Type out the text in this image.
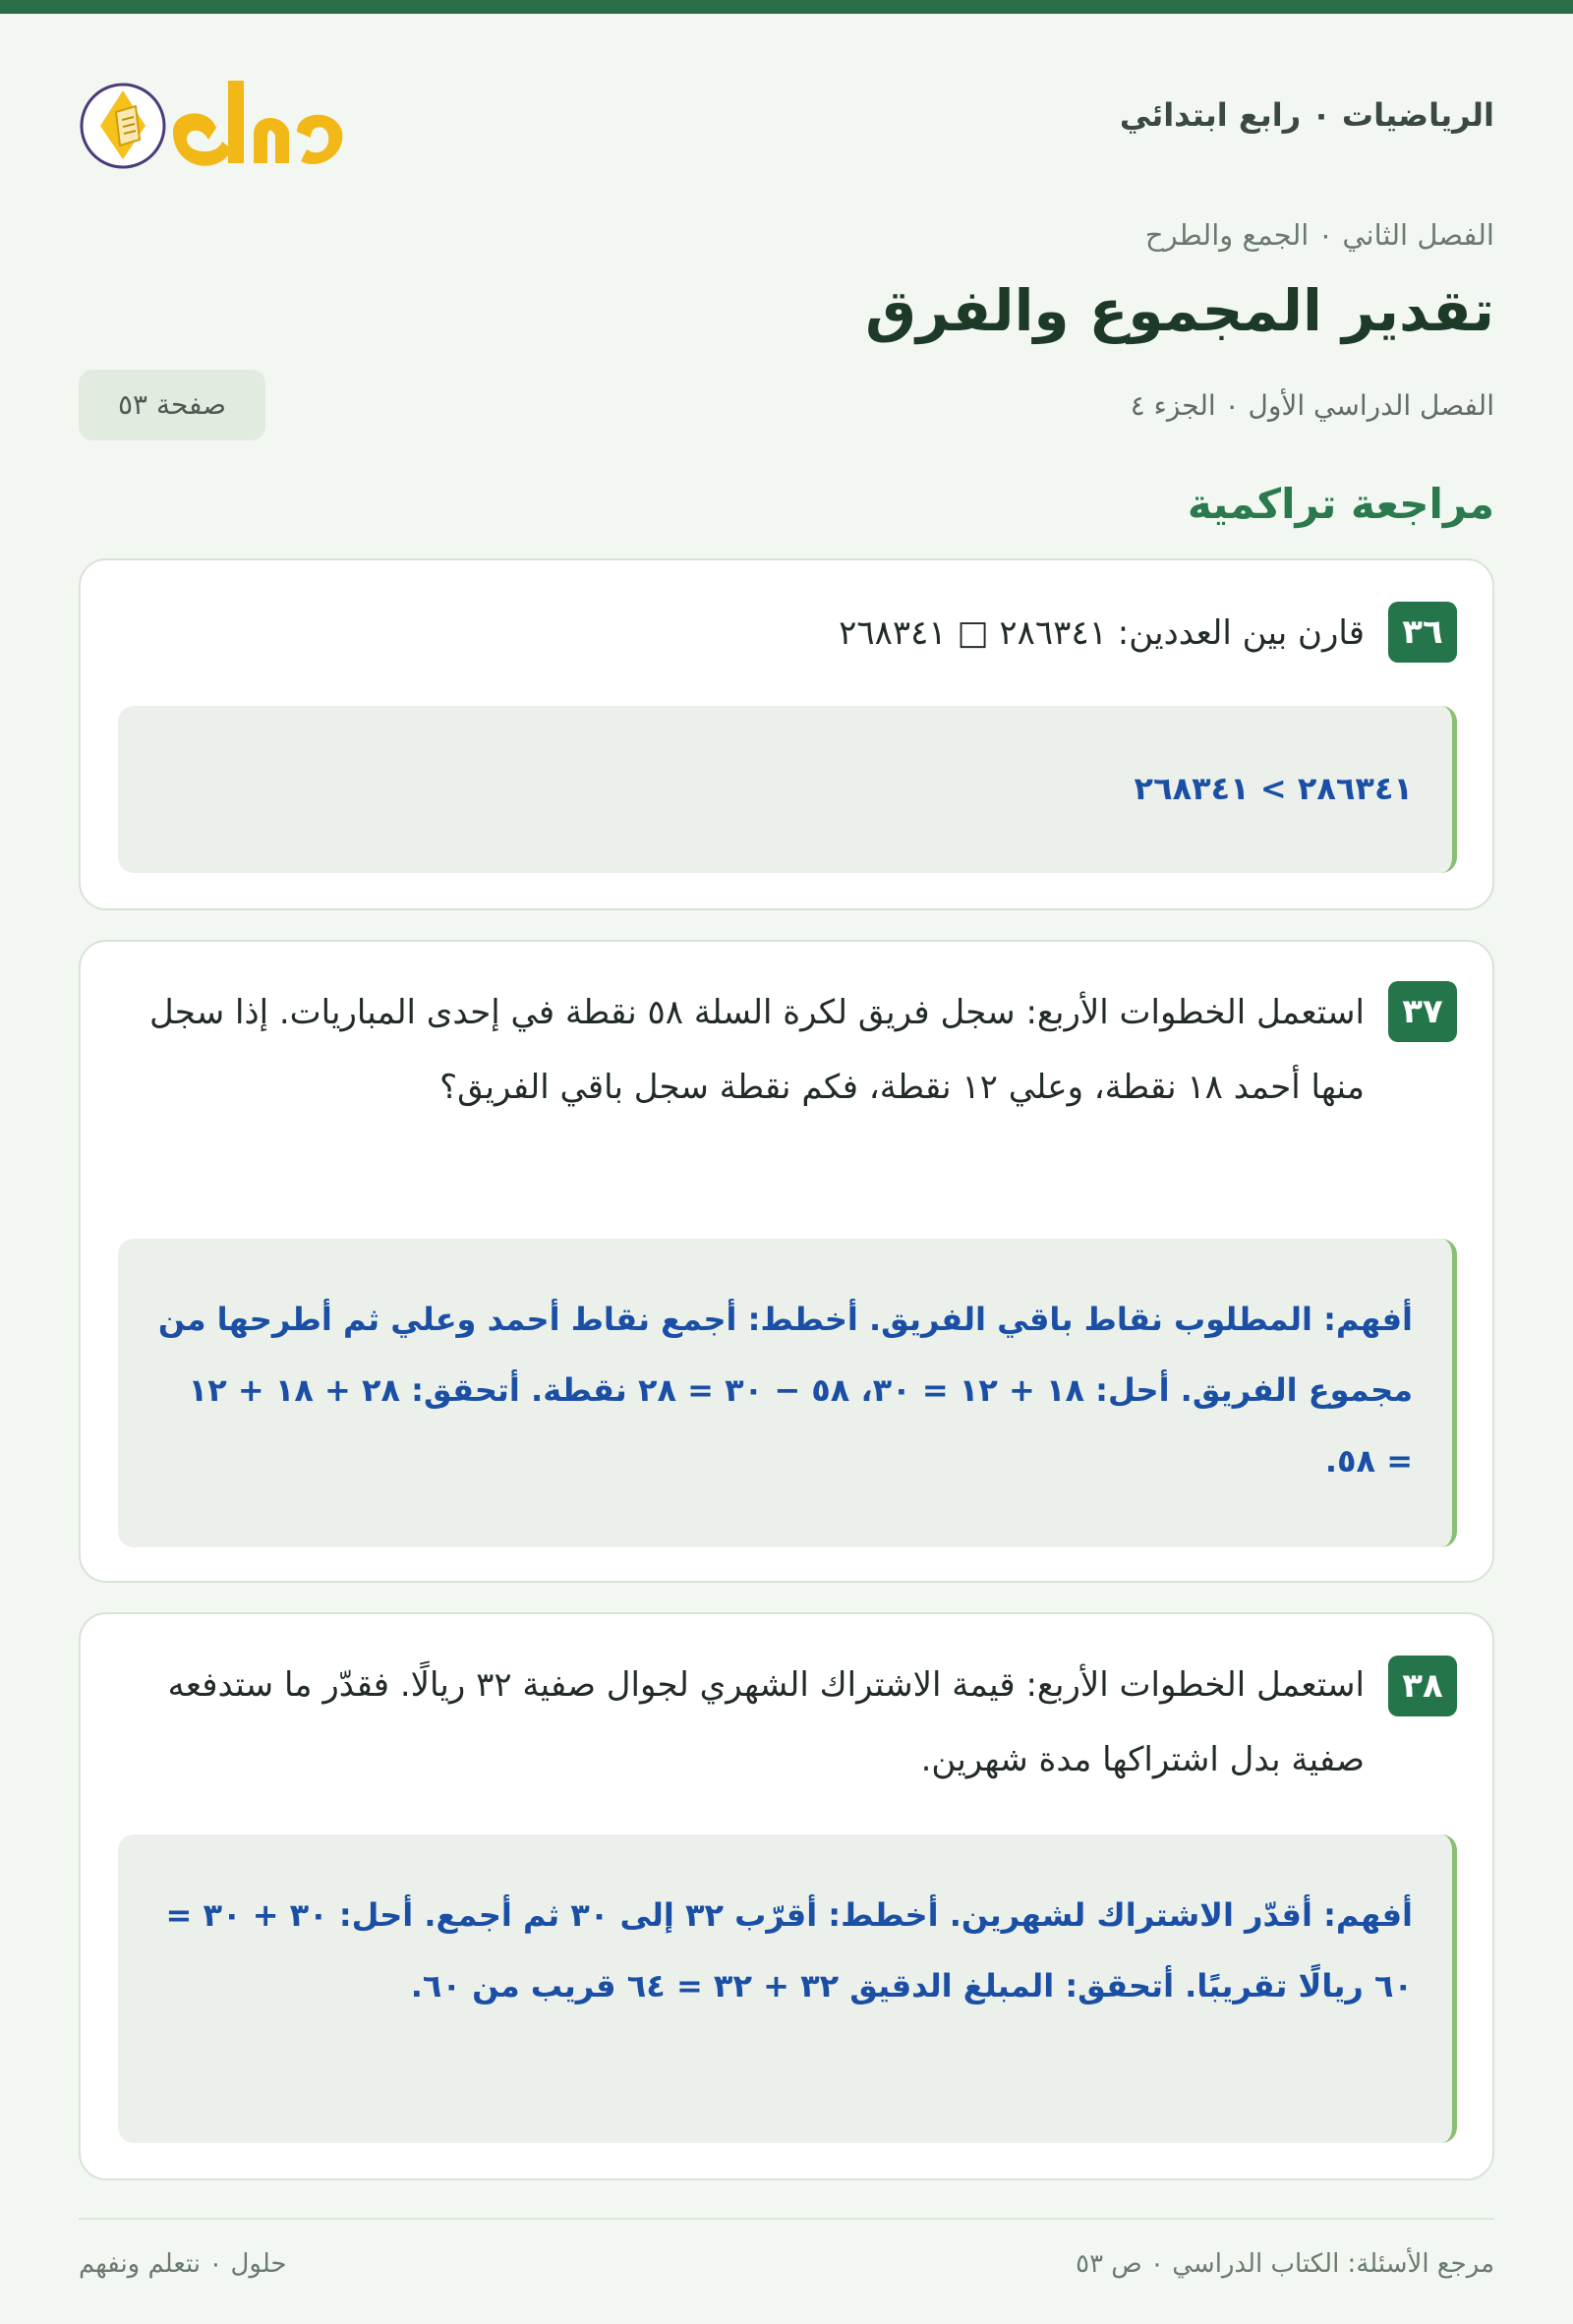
الرياضيات ٠ رابع ابتدائي
الفصل الثاني ٠ الجمع والطرح
تقدير المجموع والفرق
الفصل الدراسي الأول ٠ الجزء ٤
صفحة ٥٣
مراجعة تراكمية
٣٦
قارن بين العددين: ٢٨٦٣٤١ □ ٢٦٨٣٤١
٢٨٦٣٤١ > ٢٦٨٣٤١
٣٧
استعمل الخطوات الأربع: سجل فريق لكرة السلة ٥٨ نقطة في إحدى المباريات. إذا سجل منها أحمد ١٨ نقطة، وعلي ١٢ نقطة، فكم نقطة سجل باقي الفريق؟
أفهم: المطلوب نقاط باقي الفريق. أخطط: أجمع نقاط أحمد وعلي ثم أطرحها من مجموع الفريق. أحل: ١٨ + ١٢ = ٣٠، ٥٨ − ٣٠ = ٢٨ نقطة. أتحقق: ٢٨ + ١٨ + ١٢ = ٥٨.
٣٨
استعمل الخطوات الأربع: قيمة الاشتراك الشهري لجوال صفية ٣٢ ريالًا. فقدّر ما ستدفعه صفية بدل اشتراكها مدة شهرين.
أفهم: أقدّر الاشتراك لشهرين. أخطط: أقرّب ٣٢ إلى ٣٠ ثم أجمع. أحل: ٣٠ + ٣٠ = ٦٠ ريالًا تقريبًا. أتحقق: المبلغ الدقيق ٣٢ + ٣٢ = ٦٤ قريب من ٦٠.
مرجع الأسئلة: الكتاب الدراسي ٠ ص ٥٣
حلول ٠ نتعلم ونفهم
